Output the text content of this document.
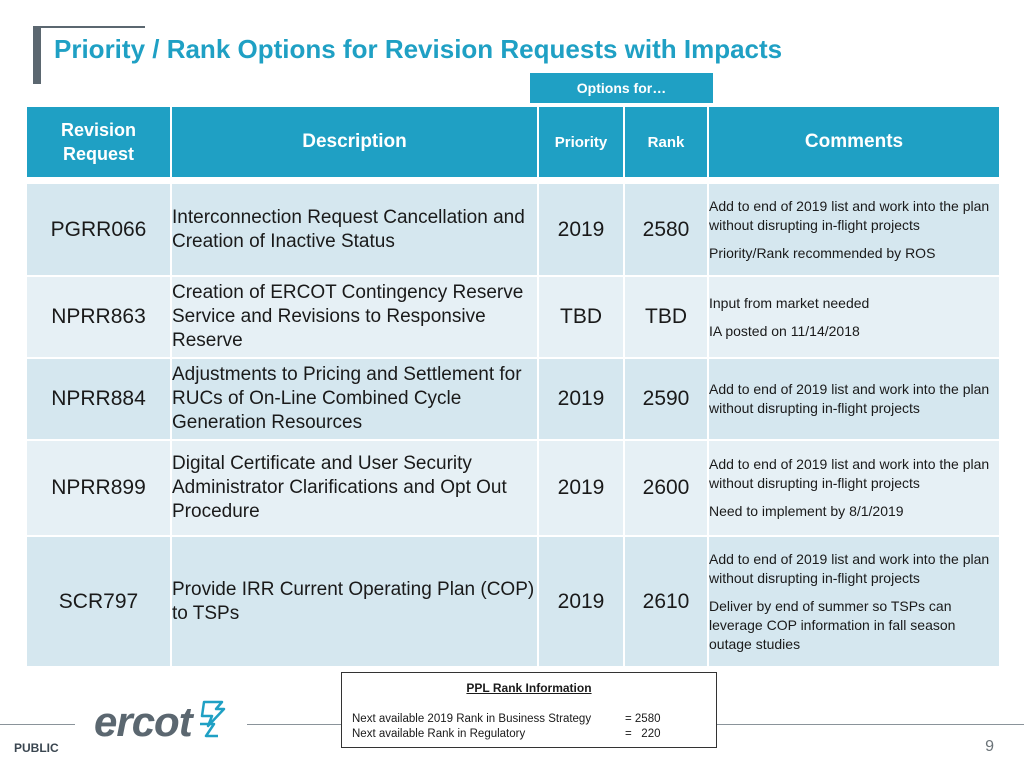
Priority / Rank Options for Revision Requests with Impacts
Options for…
Revision Request	Description	Priority	Rank	Comments

PGRR066	Interconnection Request Cancellation and Creation of Inactive Status	2019	2580	Add to end of 2019 list and work into the plan without disrupting in-flight projects

Priority/Rank recommended by ROS

NPRR863	Creation of ERCOT Contingency Reserve Service and Revisions to Responsive Reserve	TBD	TBD	Input from market needed

IA posted on 11/14/2018

NPRR884	Adjustments to Pricing and Settlement for RUCs of On-Line Combined Cycle Generation Resources	2019	2590	Add to end of 2019 list and work into the plan without disrupting in-flight projects

NPRR899	Digital Certificate and User Security Administrator Clarifications and Opt Out Procedure	2019	2600	Add to end of 2019 list and work into the plan without disrupting in-flight projects

Need to implement by 8/1/2019

SCR797	Provide IRR Current Operating Plan (COP) to TSPs	2019	2610	Add to end of 2019 list and work into the plan without disrupting in-flight projects

Deliver by end of summer so TSPs can leverage COP information in fall season outage studies

ercot
PPL Rank Information
Next available 2019 Rank in Business Strategy	= 2580
Next available Rank in Regulatory	=   220
PUBLIC	9
